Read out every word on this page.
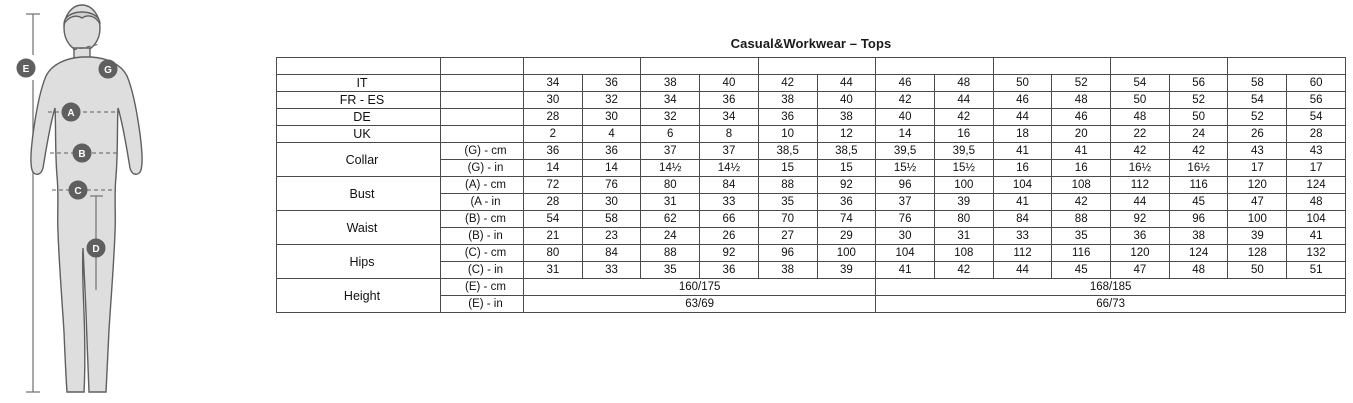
E	G
A
B
C
D
Casual&Workwear – Tops
International sizes		XS		S		M		L		XL		XXL		3XL	
IT		34	36	38	40	42	44	46	48	50	52	54	56	58	60
FR - ES		30	32	34	36	38	40	42	44	46	48	50	52	54	56
DE		28	30	32	34	36	38	40	42	44	46	48	50	52	54
UK		2	4	6	8	10	12	14	16	18	20	22	24	26	28
Collar	(G) - cm	36	36	37	37	38,5	38,5	39,5	39,5	41	41	42	42	43	43
	(G) - in	14	14	14½	14½	15	15	15½	15½	16	16	16½	16½	17	17
Bust	(A) - cm	72	76	80	84	88	92	96	100	104	108	112	116	120	124
	(A - in	28	30	31	33	35	36	37	39	41	42	44	45	47	48
Waist	(B) - cm	54	58	62	66	70	74	76	80	84	88	92	96	100	104
	(B) - in	21	23	24	26	27	29	30	31	33	35	36	38	39	41
Hips	(C) - cm	80	84	88	92	96	100	104	108	112	116	120	124	128	132
	(C) - in	31	33	35	36	38	39	41	42	44	45	47	48	50	51
Height	(E) - cm	160/175						168/185							
	(E) - in	63/69						66/73							
